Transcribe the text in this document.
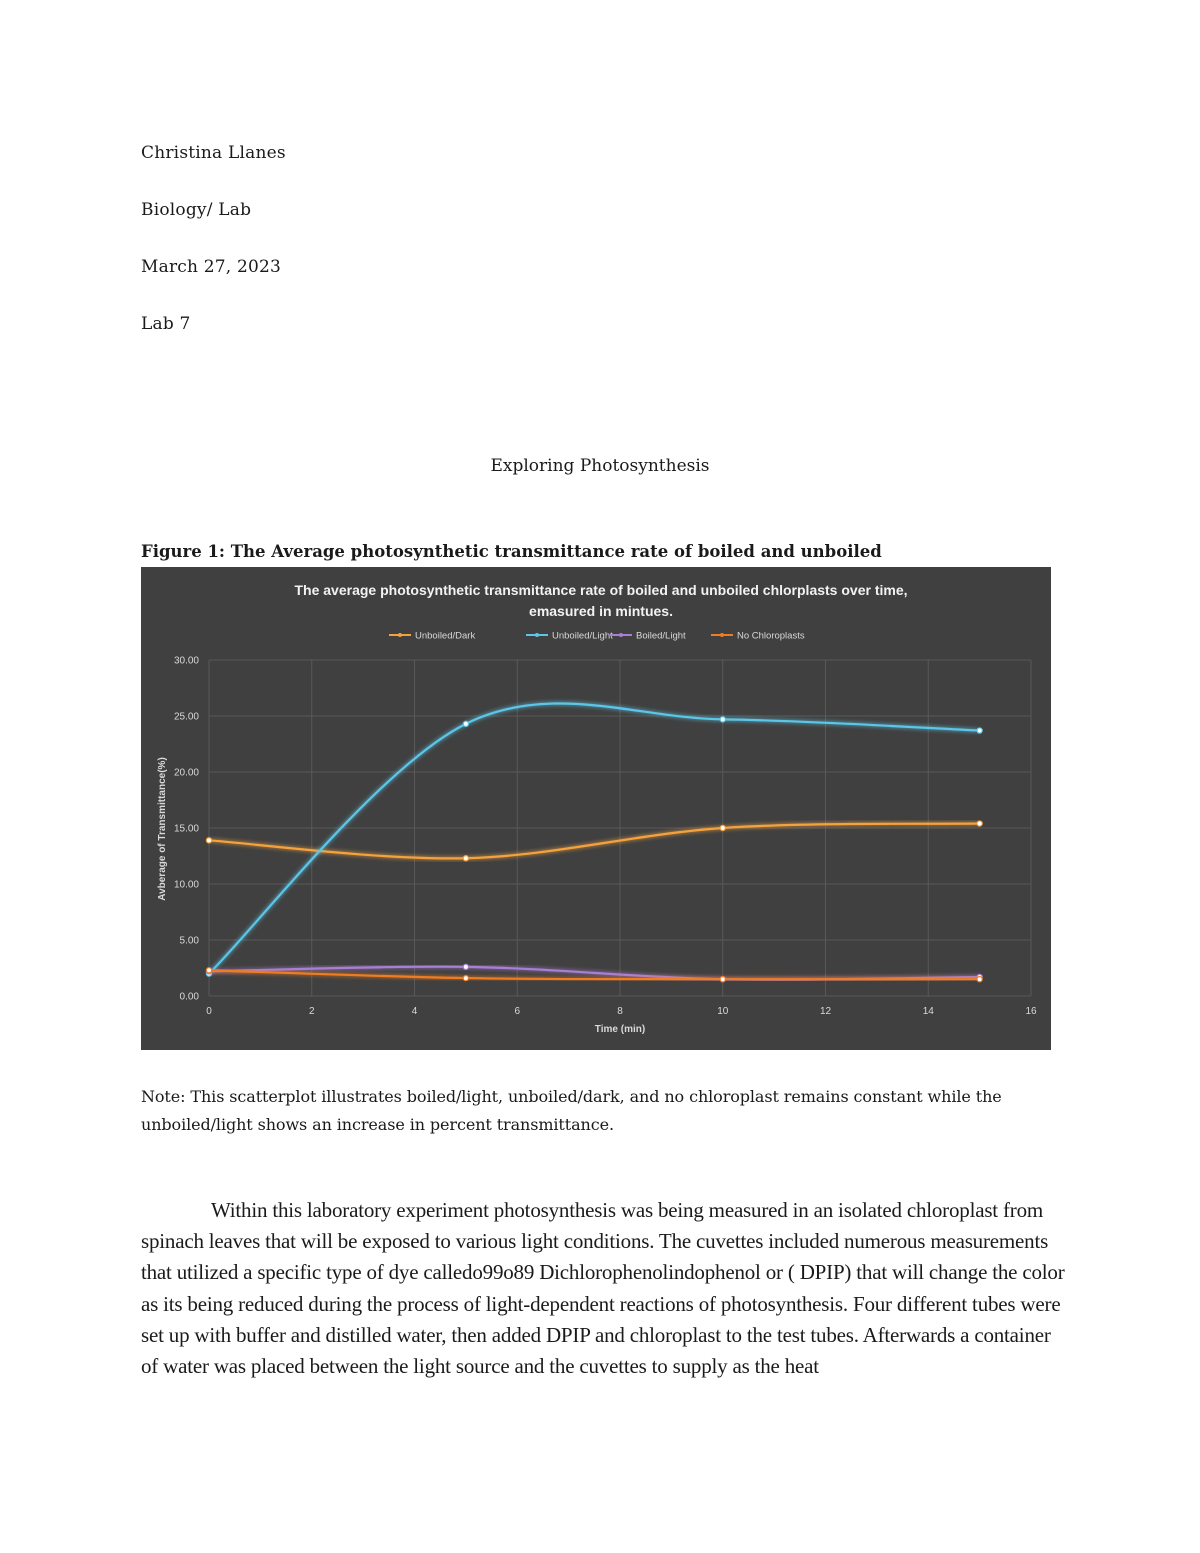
Christina Llanes
Biology/ Lab
March 27, 2023
Lab 7
Exploring Photosynthesis
Figure 1: The Average photosynthetic transmittance rate of boiled and unboiled
The average photosynthetic transmittance rate of boiled and unboiled chlorplasts over time,
emasured in mintues.
Unboiled/Dark	Unboiled/Light Boiled/Light	No Chloroplasts
0.00
5.00
10.00
15.00
20.00
25.00
30.00
0	2	4	6	8	10	12	14	16
Time (min)
Avberage of Transmittance(%)
Note: This scatterplot illustrates boiled/light, unboiled/dark, and no chloroplast remains constant while the unboiled/light shows an increase in percent transmittance.
Within this laboratory experiment photosynthesis was being measured in an isolated chloroplast from spinach leaves that will be exposed to various light conditions. The cuvettes included numerous measurements that utilized a specific type of dye calledo99o89 Dichlorophenolindophenol or ( DPIP) that will change the color as its being reduced during the process of light-dependent reactions of photosynthesis. Four different tubes were set up with buffer and distilled water, then added DPIP and chloroplast to the test tubes. Afterwards a container of water was placed between the light source and the cuvettes to supply as the heat
